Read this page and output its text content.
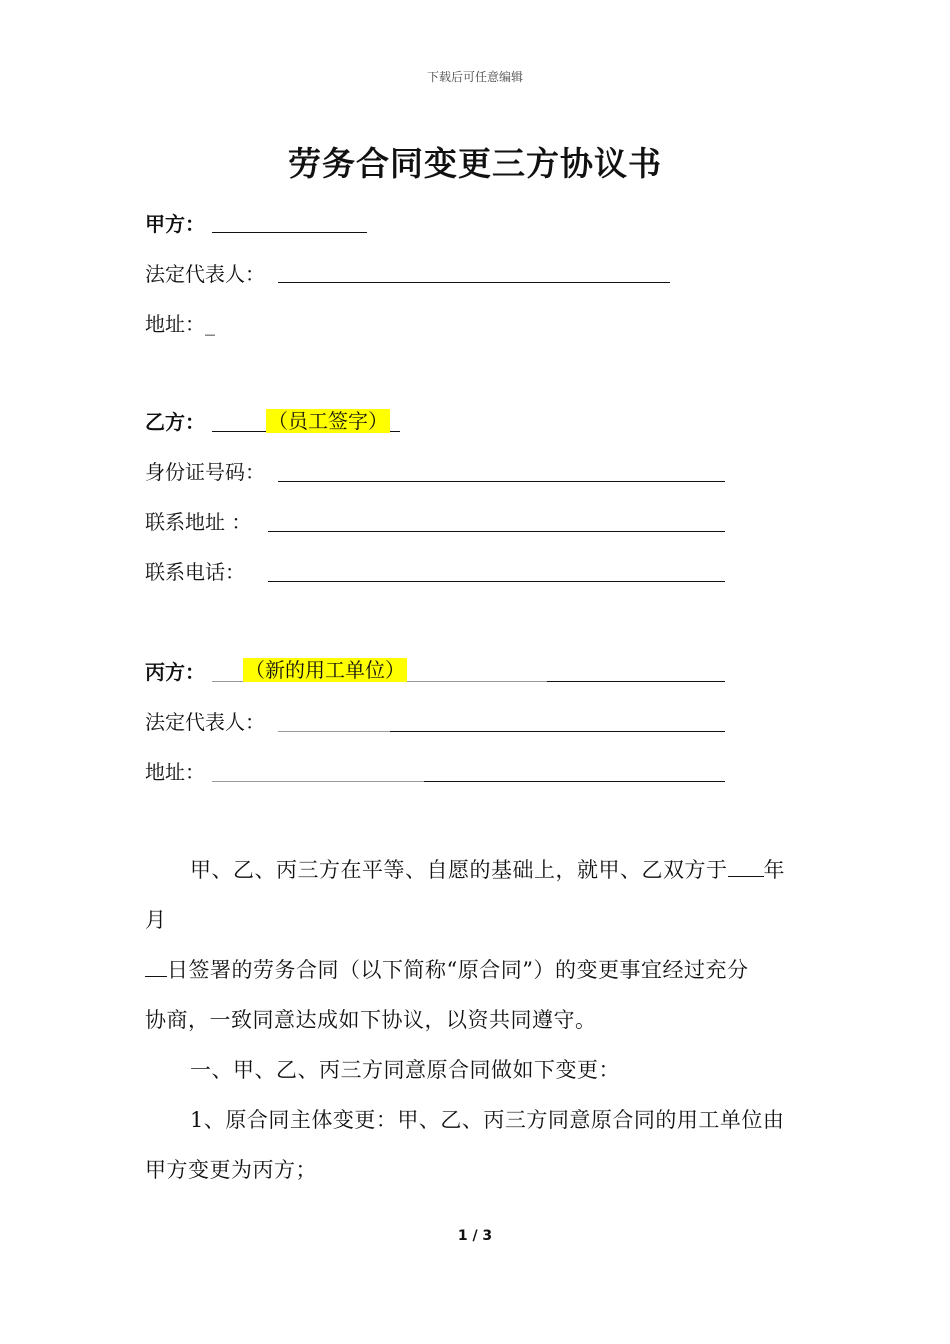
下载后可任意编辑
劳务合同变更三方协议书
甲方：
法定代表人：
地址：_
乙方：	（员工签字）
身份证号码：
联系地址 ：
联系电话：
丙方： （新的用工单位）
法定代表人：
地址：
甲、乙、丙三方在平等、自愿的基础上，就甲、乙双方于 年
月
日签署的劳务合同（以下简称“原合同”）的变更事宜经过充分
协商，一致同意达成如下协议，以资共同遵守。
一、甲、乙、丙三方同意原合同做如下变更：
1、原合同主体变更：甲、乙、丙三方同意原合同的用工单位由
甲方变更为丙方；
1 / 3
